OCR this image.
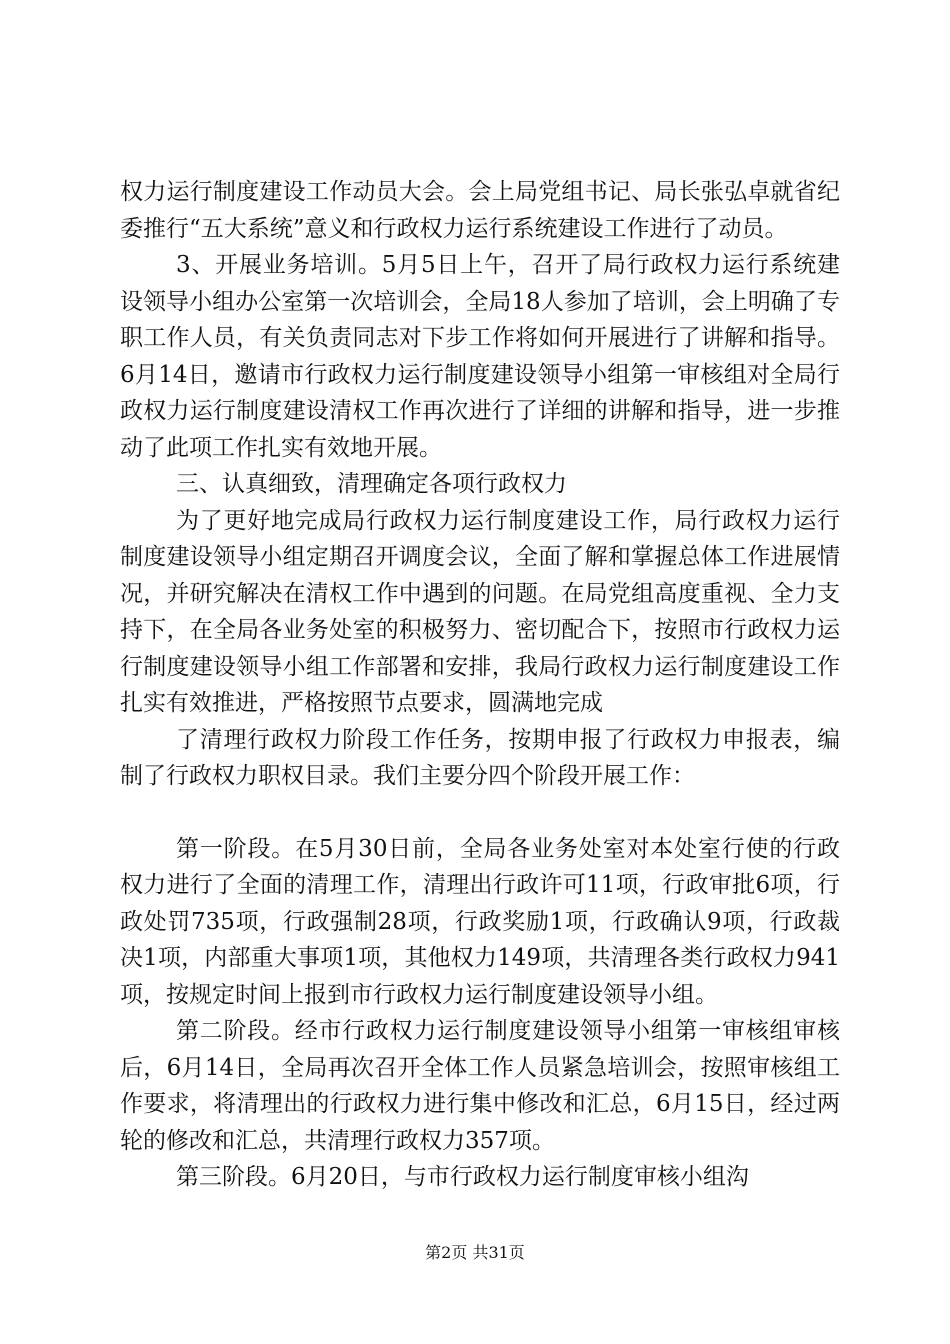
权力运行制度建设工作动员大会。会上局党组书记、局长张弘卓就省纪委推行“五大系统”意义和行政权力运行系统建设工作进行了动员。

3、开展业务培训。5月5日上午，召开了局行政权力运行系统建设领导小组办公室第一次培训会，全局18人参加了培训，会上明确了专职工作人员，有关负责同志对下步工作将如何开展进行了讲解和指导。6月14日，邀请市行政权力运行制度建设领导小组第一审核组对全局行政权力运行制度建设清权工作再次进行了详细的讲解和指导，进一步推动了此项工作扎实有效地开展。

三、认真细致，清理确定各项行政权力

为了更好地完成局行政权力运行制度建设工作，局行政权力运行制度建设领导小组定期召开调度会议，全面了解和掌握总体工作进展情况，并研究解决在清权工作中遇到的问题。在局党组高度重视、全力支持下，在全局各业务处室的积极努力、密切配合下，按照市行政权力运行制度建设领导小组工作部署和安排，我局行政权力运行制度建设工作扎实有效推进，严格按照节点要求，圆满地完成

了清理行政权力阶段工作任务，按期申报了行政权力申报表，编制了行政权力职权目录。我们主要分四个阶段开展工作：

第一阶段。在5月30日前，全局各业务处室对本处室行使的行政权力进行了全面的清理工作，清理出行政许可11项，行政审批6项，行政处罚735项，行政强制28项，行政奖励1项，行政确认9项，行政裁决1项，内部重大事项1项，其他权力149项，共清理各类行政权力941项，按规定时间上报到市行政权力运行制度建设领导小组。

第二阶段。经市行政权力运行制度建设领导小组第一审核组审核后，6月14日，全局再次召开全体工作人员紧急培训会，按照审核组工作要求，将清理出的行政权力进行集中修改和汇总，6月15日，经过两轮的修改和汇总，共清理行政权力357项。

第三阶段。6月20日，与市行政权力运行制度审核小组沟

第2页 共31页
